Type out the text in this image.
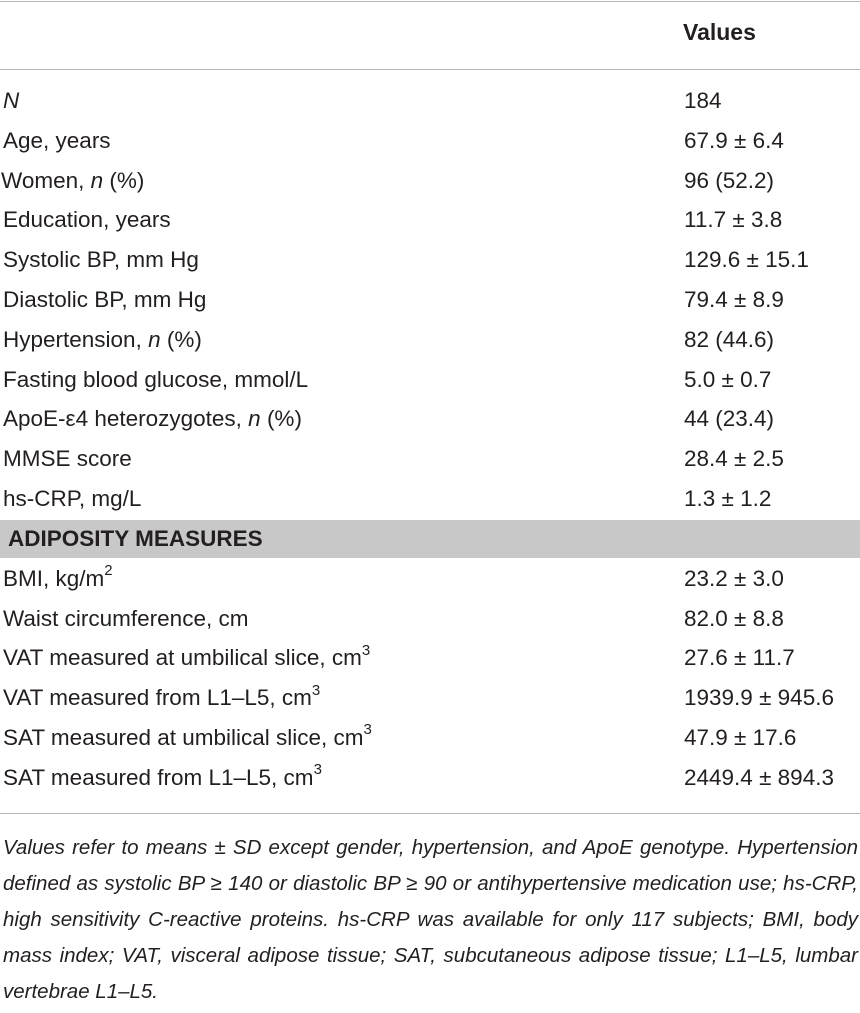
Values
N	184
Age, years	67.9 ± 6.4
Women, n (%)	96 (52.2)
Education, years	11.7 ± 3.8
Systolic BP, mm Hg	129.6 ± 15.1
Diastolic BP, mm Hg	79.4 ± 8.9
Hypertension, n (%)	82 (44.6)
Fasting blood glucose, mmol/L	5.0 ± 0.7
ApoE-ε4 heterozygotes, n (%)	44 (23.4)
MMSE score	28.4 ± 2.5
hs-CRP, mg/L	1.3 ± 1.2
ADIPOSITY MEASURES
BMI, $kg/m^2$	23.2 ± 3.0
Waist circumference, cm	82.0 ± 8.8
VAT measured at umbilical slice, $cm^3$	27.6 ± 11.7
VAT measured from L1–L5, $cm^3$	1939.9 ± 945.6
SAT measured at umbilical slice, $cm^3$	47.9 ± 17.6
SAT measured from L1–L5, $cm^3$	2449.4 ± 894.3
Values refer to means ± SD except gender, hypertension, and ApoE genotype. Hypertension defined as systolic BP ≥ 140 or diastolic BP ≥ 90 or antihypertensive medication use; hs-CRP, high sensitivity C-reactive proteins. hs-CRP was available for only 117 subjects; BMI, body mass index; VAT, visceral adipose tissue; SAT, subcutaneous adipose tissue; L1–L5, lumbar vertebrae L1–L5.
